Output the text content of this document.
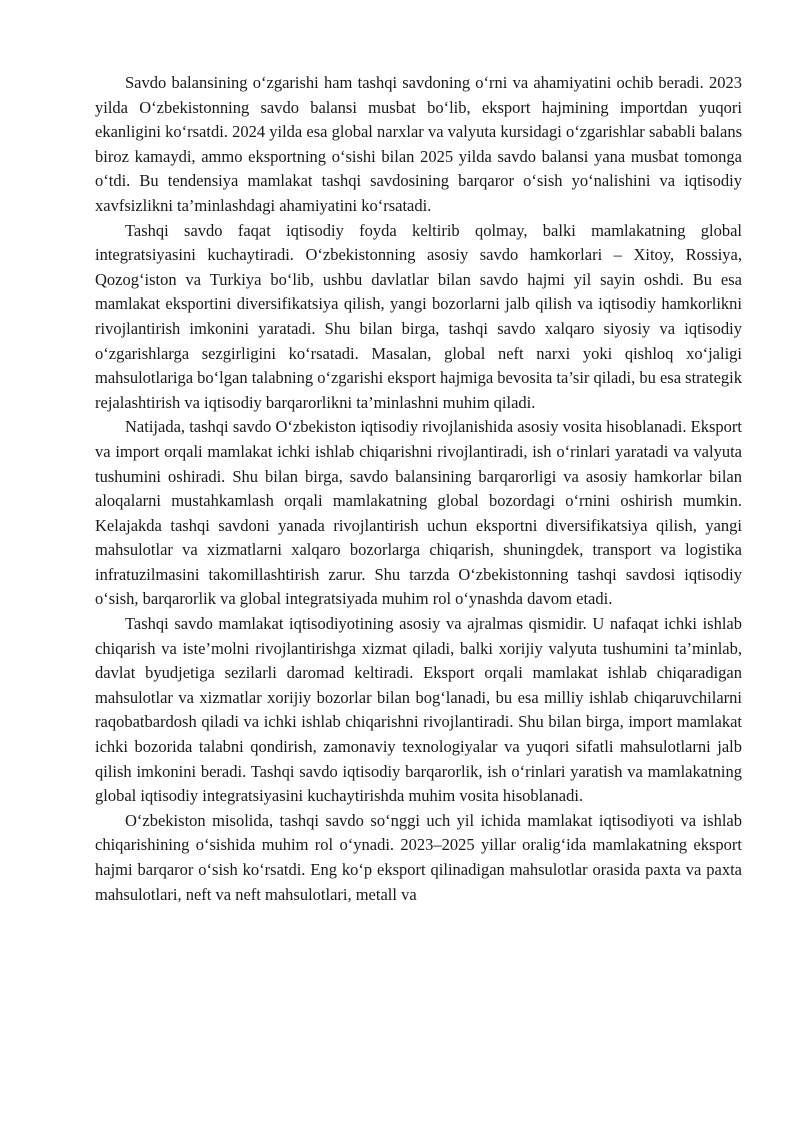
Savdo balansining o‘zgarishi ham tashqi savdoning o‘rni va ahamiyatini ochib beradi. 2023 yilda O‘zbekistonning savdo balansi musbat bo‘lib, eksport hajmining importdan yuqori ekanligini ko‘rsatdi. 2024 yilda esa global narxlar va valyuta kursidagi o‘zgarishlar sababli balans biroz kamaydi, ammo eksportning o‘sishi bilan 2025 yilda savdo balansi yana musbat tomonga o‘tdi. Bu tendensiya mamlakat tashqi savdosining barqaror o‘sish yo‘nalishini va iqtisodiy xavfsizlikni ta’minlashdagi ahamiyatini ko‘rsatadi.

Tashqi savdo faqat iqtisodiy foyda keltirib qolmay, balki mamlakatning global integratsiyasini kuchaytiradi. O‘zbekistonning asosiy savdo hamkorlari – Xitoy, Rossiya, Qozog‘iston va Turkiya bo‘lib, ushbu davlatlar bilan savdo hajmi yil sayin oshdi. Bu esa mamlakat eksportini diversifikatsiya qilish, yangi bozorlarni jalb qilish va iqtisodiy hamkorlikni rivojlantirish imkonini yaratadi. Shu bilan birga, tashqi savdo xalqaro siyosiy va iqtisodiy o‘zgarishlarga sezgirligini ko‘rsatadi. Masalan, global neft narxi yoki qishloq xo‘jaligi mahsulotlariga bo‘lgan talabning o‘zgarishi eksport hajmiga bevosita ta’sir qiladi, bu esa strategik rejalashtirish va iqtisodiy barqarorlikni ta’minlashni muhim qiladi.

Natijada, tashqi savdo O‘zbekiston iqtisodiy rivojlanishida asosiy vosita hisoblanadi. Eksport va import orqali mamlakat ichki ishlab chiqarishni rivojlantiradi, ish o‘rinlari yaratadi va valyuta tushumini oshiradi. Shu bilan birga, savdo balansining barqarorligi va asosiy hamkorlar bilan aloqalarni mustahkamlash orqali mamlakatning global bozordagi o‘rnini oshirish mumkin. Kelajakda tashqi savdoni yanada rivojlantirish uchun eksportni diversifikatsiya qilish, yangi mahsulotlar va xizmatlarni xalqaro bozorlarga chiqarish, shuningdek, transport va logistika infratuzilmasini takomillashtirish zarur. Shu tarzda O‘zbekistonning tashqi savdosi iqtisodiy o‘sish, barqarorlik va global integratsiyada muhim rol o‘ynashda davom etadi.

Tashqi savdo mamlakat iqtisodiyotining asosiy va ajralmas qismidir. U nafaqat ichki ishlab chiqarish va iste’molni rivojlantirishga xizmat qiladi, balki xorijiy valyuta tushumini ta’minlab, davlat byudjetiga sezilarli daromad keltiradi. Eksport orqali mamlakat ishlab chiqaradigan mahsulotlar va xizmatlar xorijiy bozorlar bilan bog‘lanadi, bu esa milliy ishlab chiqaruvchilarni raqobatbardosh qiladi va ichki ishlab chiqarishni rivojlantiradi. Shu bilan birga, import mamlakat ichki bozorida talabni qondirish, zamonaviy texnologiyalar va yuqori sifatli mahsulotlarni jalb qilish imkonini beradi. Tashqi savdo iqtisodiy barqarorlik, ish o‘rinlari yaratish va mamlakatning global iqtisodiy integratsiyasini kuchaytirishda muhim vosita hisoblanadi.

O‘zbekiston misolida, tashqi savdo so‘nggi uch yil ichida mamlakat iqtisodiyoti va ishlab chiqarishining o‘sishida muhim rol o‘ynadi. 2023–2025 yillar oralig‘ida mamlakatning eksport hajmi barqaror o‘sish ko‘rsatdi. Eng ko‘p eksport qilinadigan mahsulotlar orasida paxta va paxta mahsulotlari, neft va neft mahsulotlari, metall va
